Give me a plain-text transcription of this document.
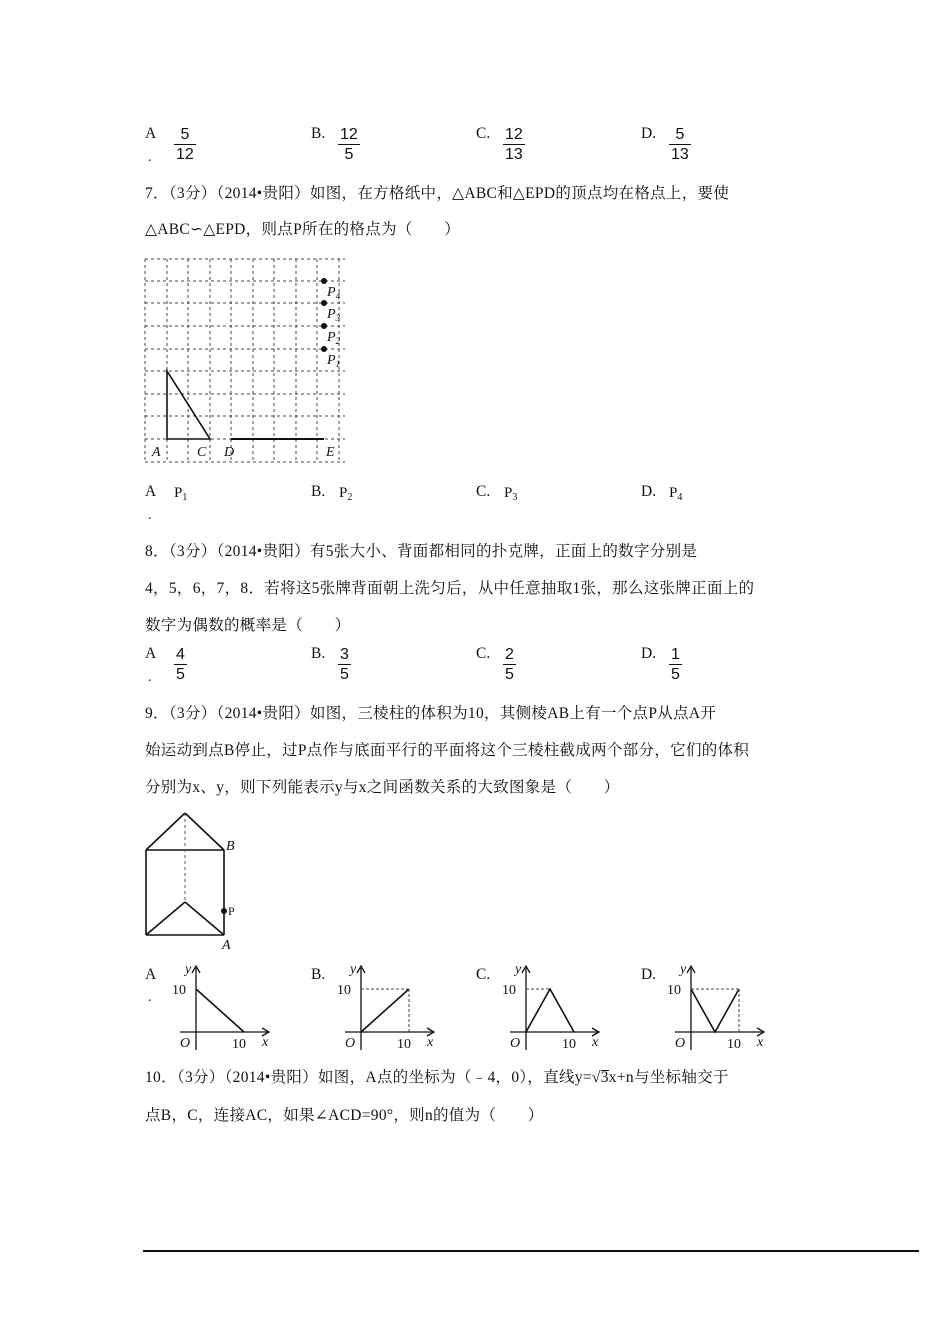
A
.
5
12
B. 12
5
C. 12
13
D. 5
13
7．（3分）（2014•贵阳）如图，在方格纸中，△ABC和△EPD的顶点均在格点上，要使
△ABC∽△EPD，则点P所在的格点为（　　）
A	C D	E
$P_4$
$P_3$
$P_2$
$P_1$
A
.
$P_1$	B. $P_2$	C. $P_3$	D. $P_4$
8．（3分）（2014•贵阳）有5张大小、背面都相同的扑克牌，正面上的数字分别是
4，5，6，7，8．若将这5张牌背面朝上洗匀后，从中任意抽取1张，那么这张牌正面上的
数字为偶数的概率是（　　）
A
.
4
5
B. 3
5
C. 2
5
D. 1
5
9．（3分）（2014•贵阳）如图，三棱柱的体积为10，其侧棱AB上有一个点P从点A开
始运动到点B停止，过P点作与底面平行的平面将这个三棱柱截成两个部分，它们的体积
分别为x、y，则下列能表示y与x之间函数关系的大致图象是（　　）
B
P
A
A
.
y
10
O	10 x
B. y
10
O	10 x
C. y
10
O	10 x
D. y
10
O	10 x
10．（3分）（2014•贵阳）如图，A点的坐标为（﹣4，0），直线y=√3x+n与坐标轴交于
点B，C，连接AC，如果∠ACD=90°，则n的值为（　　）
